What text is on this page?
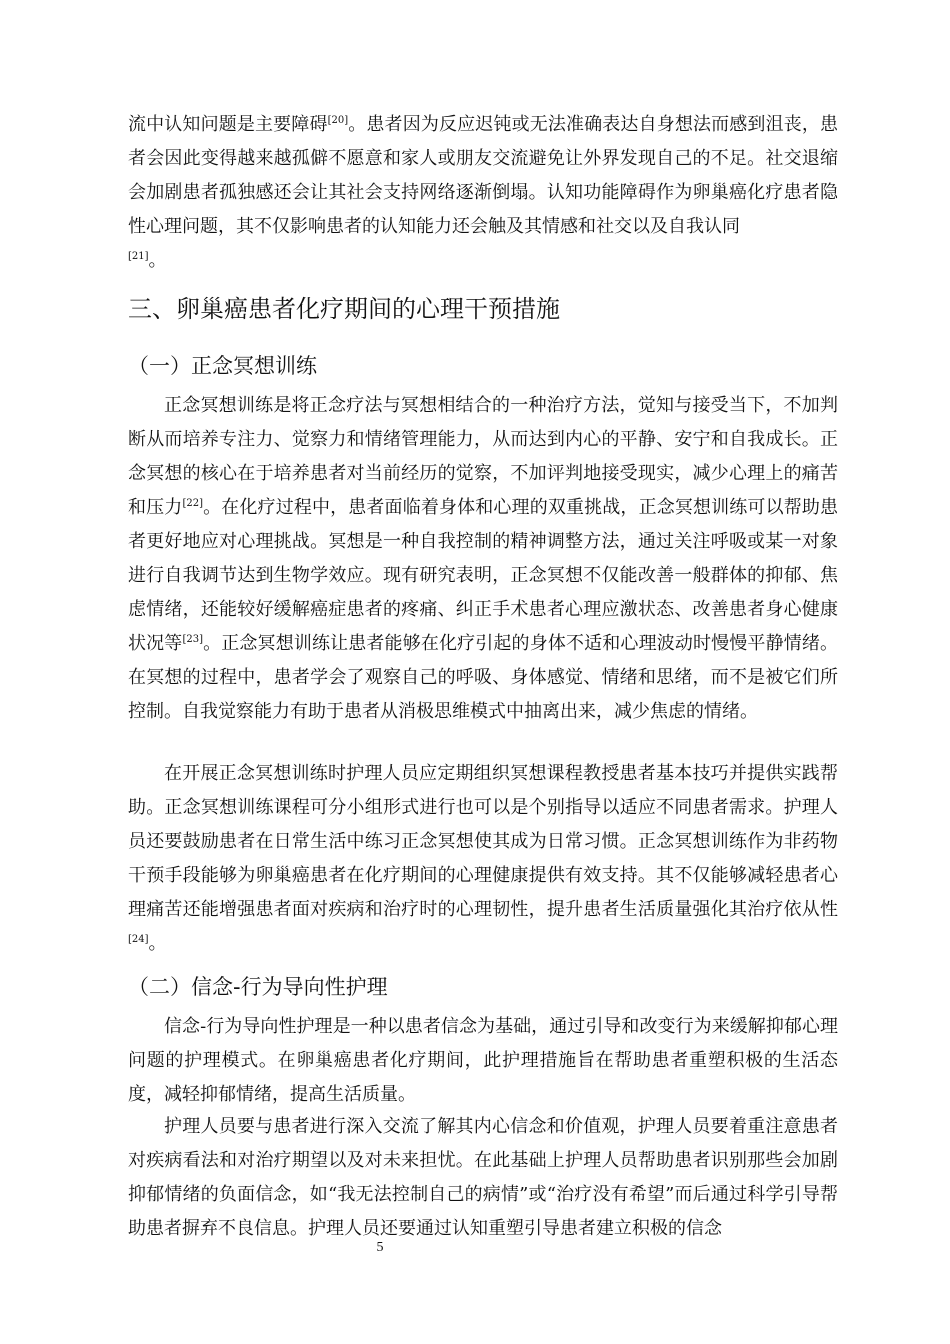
流中认知问题是主要障碍[20]。患者因为反应迟钝或无法准确表达自身想法而感到沮丧，患者会因此变得越来越孤僻不愿意和家人或朋友交流避免让外界发现自己的不足。社交退缩会加剧患者孤独感还会让其社会支持网络逐渐倒塌。认知功能障碍作为卵巢癌化疗患者隐性心理问题，其不仅影响患者的认知能力还会触及其情感和社交以及自我认同
[21]。

三、卵巢癌患者化疗期间的心理干预措施
（一）正念冥想训练

正念冥想训练是将正念疗法与冥想相结合的一种治疗方法，觉知与接受当下，不加判断从而培养专注力、觉察力和情绪管理能力，从而达到内心的平静、安宁和自我成长。正念冥想的核心在于培养患者对当前经历的觉察，不加评判地接受现实，减少心理上的痛苦和压力[22]。在化疗过程中，患者面临着身体和心理的双重挑战，正念冥想训练可以帮助患者更好地应对心理挑战。冥想是一种自我控制的精神调整方法，通过关注呼吸或某一对象进行自我调节达到生物学效应。现有研究表明，正念冥想不仅能改善一般群体的抑郁、焦虑情绪，还能较好缓解癌症患者的疼痛、纠正手术患者心理应激状态、改善患者身心健康状况等[23]。正念冥想训练让患者能够在化疗引起的身体不适和心理波动时慢慢平静情绪。在冥想的过程中，患者学会了观察自己的呼吸、身体感觉、情绪和思绪，而不是被它们所控制。自我觉察能力有助于患者从消极思维模式中抽离出来，减少焦虑的情绪。

在开展正念冥想训练时护理人员应定期组织冥想课程教授患者基本技巧并提供实践帮助。正念冥想训练课程可分小组形式进行也可以是个别指导以适应不同患者需求。护理人员还要鼓励患者在日常生活中练习正念冥想使其成为日常习惯。正念冥想训练作为非药物干预手段能够为卵巢癌患者在化疗期间的心理健康提供有效支持。其不仅能够减轻患者心理痛苦还能增强患者面对疾病和治疗时的心理韧性，提升患者生活质量强化其治疗依从性[24]。

（二）信念-行为导向性护理

信念-行为导向性护理是一种以患者信念为基础，通过引导和改变行为来缓解抑郁心理问题的护理模式。在卵巢癌患者化疗期间，此护理措施旨在帮助患者重塑积极的生活态度，减轻抑郁情绪，提高生活质量。

护理人员要与患者进行深入交流了解其内心信念和价值观，护理人员要着重注意患者对疾病看法和对治疗期望以及对未来担忧。在此基础上护理人员帮助患者识别那些会加剧抑郁情绪的负面信念，如“我无法控制自己的病情”或“治疗没有希望”而后通过科学引导帮助患者摒弃不良信息。护理人员还要通过认知重塑引导患者建立积极的信念

5
